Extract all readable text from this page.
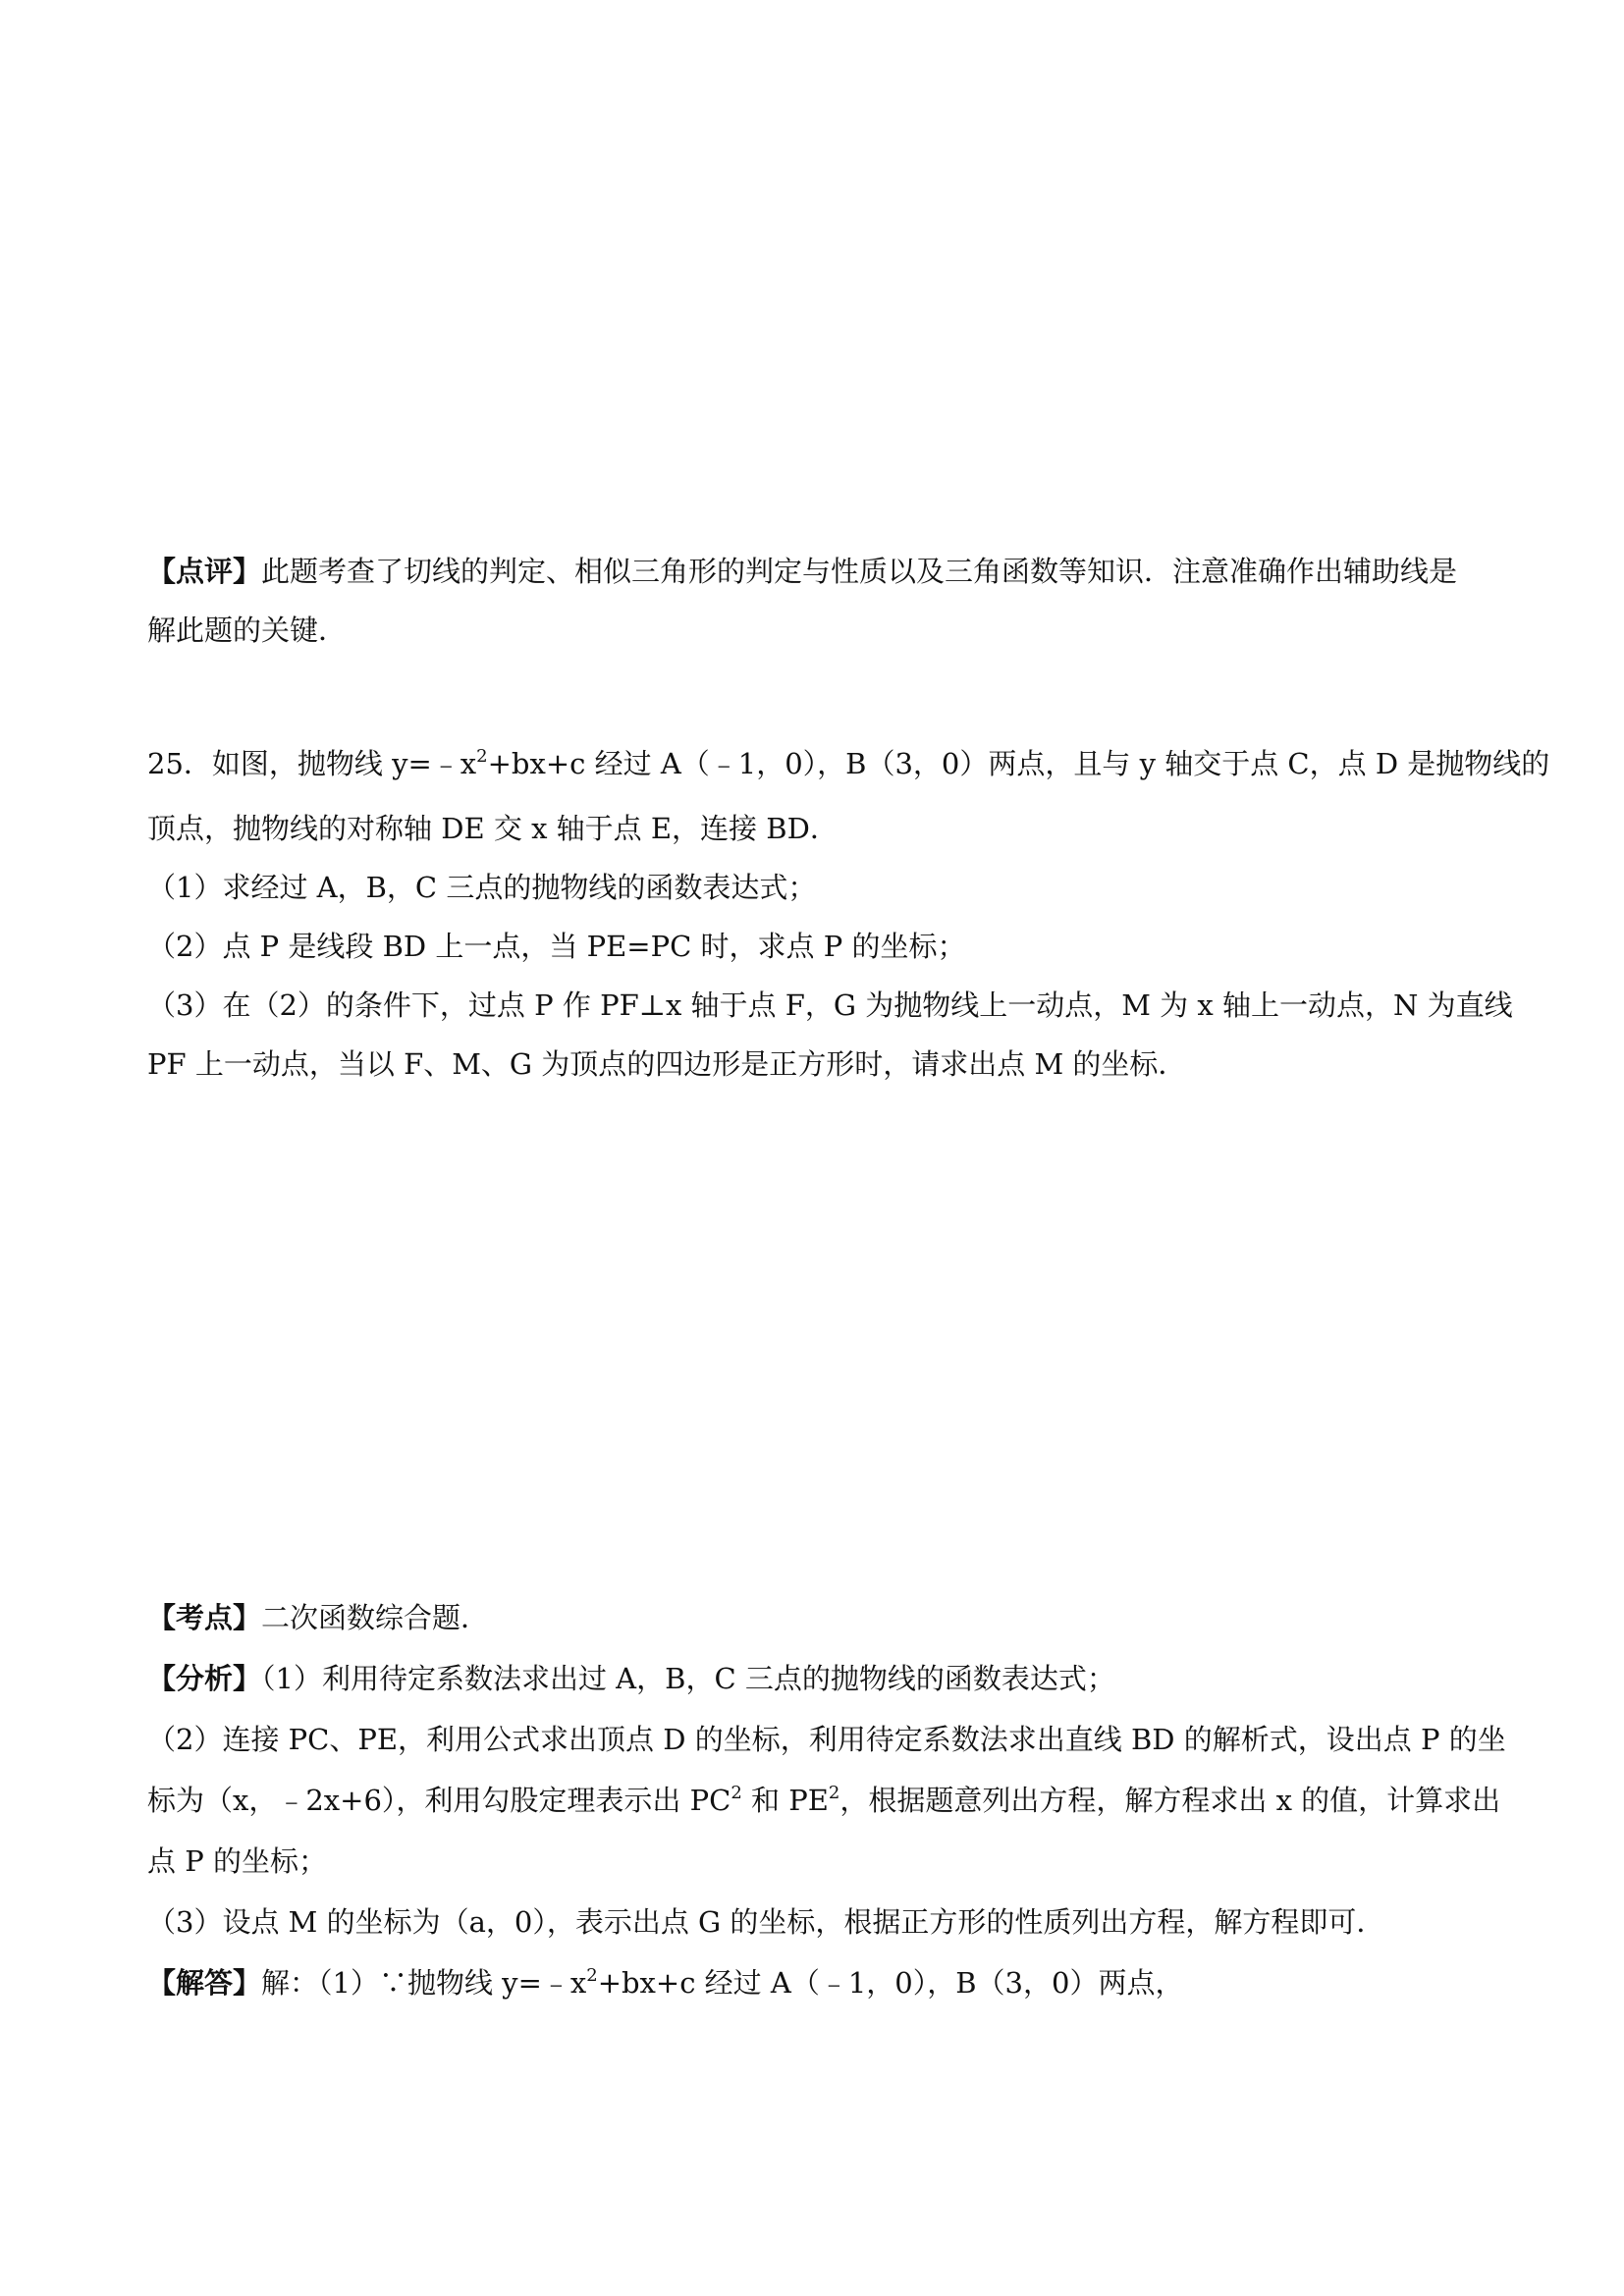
【点评】此题考查了切线的判定、相似三角形的判定与性质以及三角函数等知识．注意准确作出辅助线是
解此题的关键．
25．如图，抛物线 $y=﹣x^2+bx+c$ 经过 A（﹣1，0），B（3，0）两点，且与 y 轴交于点 C，点 D 是抛物线的
顶点，抛物线的对称轴 DE 交 x 轴于点 E，连接 BD．
（1）求经过 A，B，C 三点的抛物线的函数表达式；
（2）点 P 是线段 BD 上一点，当 PE=PC 时，求点 P 的坐标；
（3）在（2）的条件下，过点 P 作 PF⊥x 轴于点 F，G 为抛物线上一动点，M 为 x 轴上一动点，N 为直线
PF 上一动点，当以 F、M、G 为顶点的四边形是正方形时，请求出点 M 的坐标．
【考点】二次函数综合题．
【分析】（1）利用待定系数法求出过 A，B，C 三点的抛物线的函数表达式；
（2）连接 PC、PE，利用公式求出顶点 D 的坐标，利用待定系数法求出直线 BD 的解析式，设出点 P 的坐
标为（x，﹣2x+6），利用勾股定理表示出 $PC^2$ 和 $PE^2$，根据题意列出方程，解方程求出 x 的值，计算求出
点 P 的坐标；
（3）设点 M 的坐标为（a，0），表示出点 G 的坐标，根据正方形的性质列出方程，解方程即可．
【解答】解：（1）∵抛物线 $y=﹣x^2+bx+c$ 经过 A（﹣1，0），B（3，0）两点，
